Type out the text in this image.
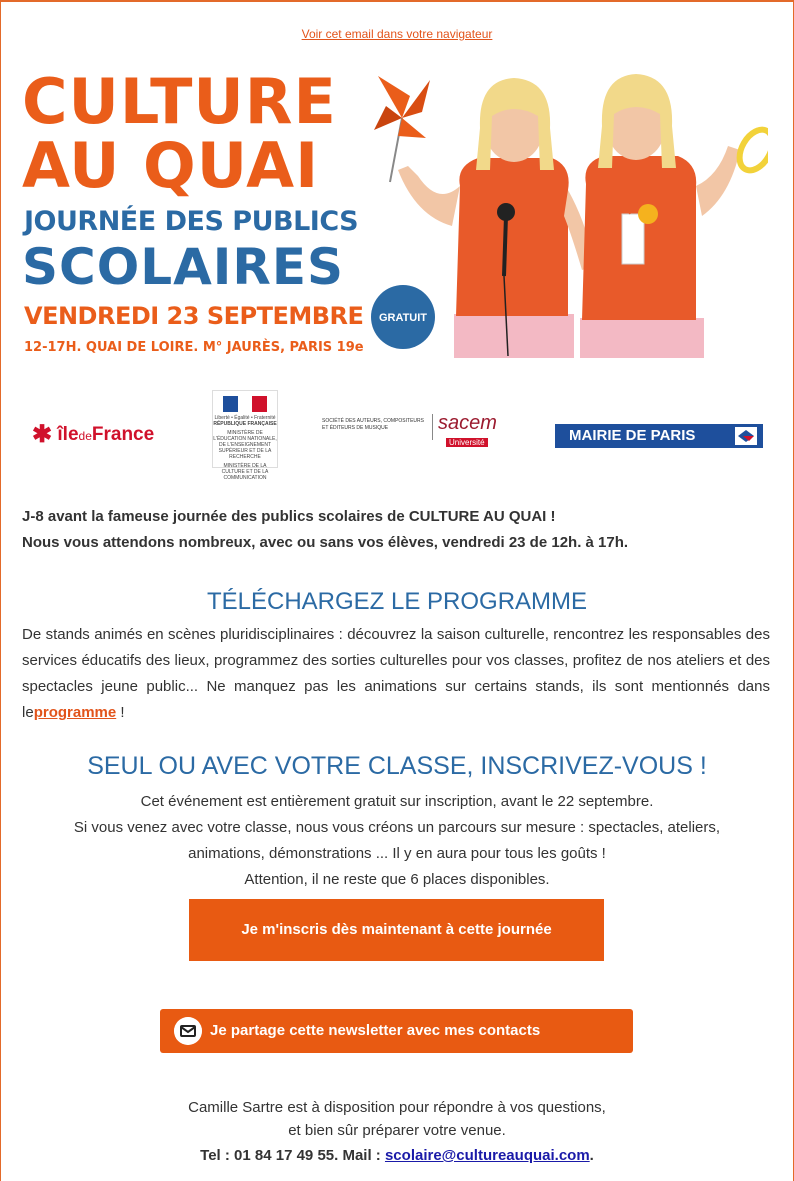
Voir cet email dans votre navigateur
CULTURE
AU QUAI
JOURNÉE DES PUBLICS
SCOLAIRES
VENDREDI 23 SEPTEMBRE
12-17H. QUAI DE LOIRE. M° JAURÈS, PARIS 19e
GRATUIT
✱ îledeFrance
Liberté • Égalité • Fraternité
RÉPUBLIQUE FRANÇAISE
MINISTÈRE DE L'ÉDUCATION NATIONALE, DE L'ENSEIGNEMENT SUPÉRIEUR ET DE LA RECHERCHE
MINISTÈRE DE LA CULTURE ET DE LA COMMUNICATION
SOCIÉTÉ DES AUTEURS, COMPOSITEURS ET ÉDITEURS DE MUSIQUE	sacem
Université	MAIRIE DE PARIS
J-8 avant la fameuse journée des publics scolaires de CULTURE AU QUAI !
Nous vous attendons nombreux, avec ou sans vos élèves, vendredi 23 de 12h. à 17h.
TÉLÉCHARGEZ LE PROGRAMME
De stands animés en scènes pluridisciplinaires : découvrez la saison culturelle, rencontrez les responsables des services éducatifs des lieux, programmez des sorties culturelles pour vos classes, profitez de nos ateliers et des spectacles jeune public... Ne manquez pas les animations sur certains stands, ils sont mentionnés dans leprogramme !
SEUL OU AVEC VOTRE CLASSE, INSCRIVEZ-VOUS !
Cet événement est entièrement gratuit sur inscription, avant le 22 septembre.
Si vous venez avec votre classe, nous vous créons un parcours sur mesure : spectacles, ateliers,
animations, démonstrations ... Il y en aura pour tous les goûts !
Attention, il ne reste que 6 places disponibles.
Je m'inscris dès maintenant à cette journée
Je partage cette newsletter avec mes contacts
Camille Sartre est à disposition pour répondre à vos questions,
et bien sûr préparer votre venue.
Tel : 01 84 17 49 55. Mail : scolaire@cultureauquai.com.
